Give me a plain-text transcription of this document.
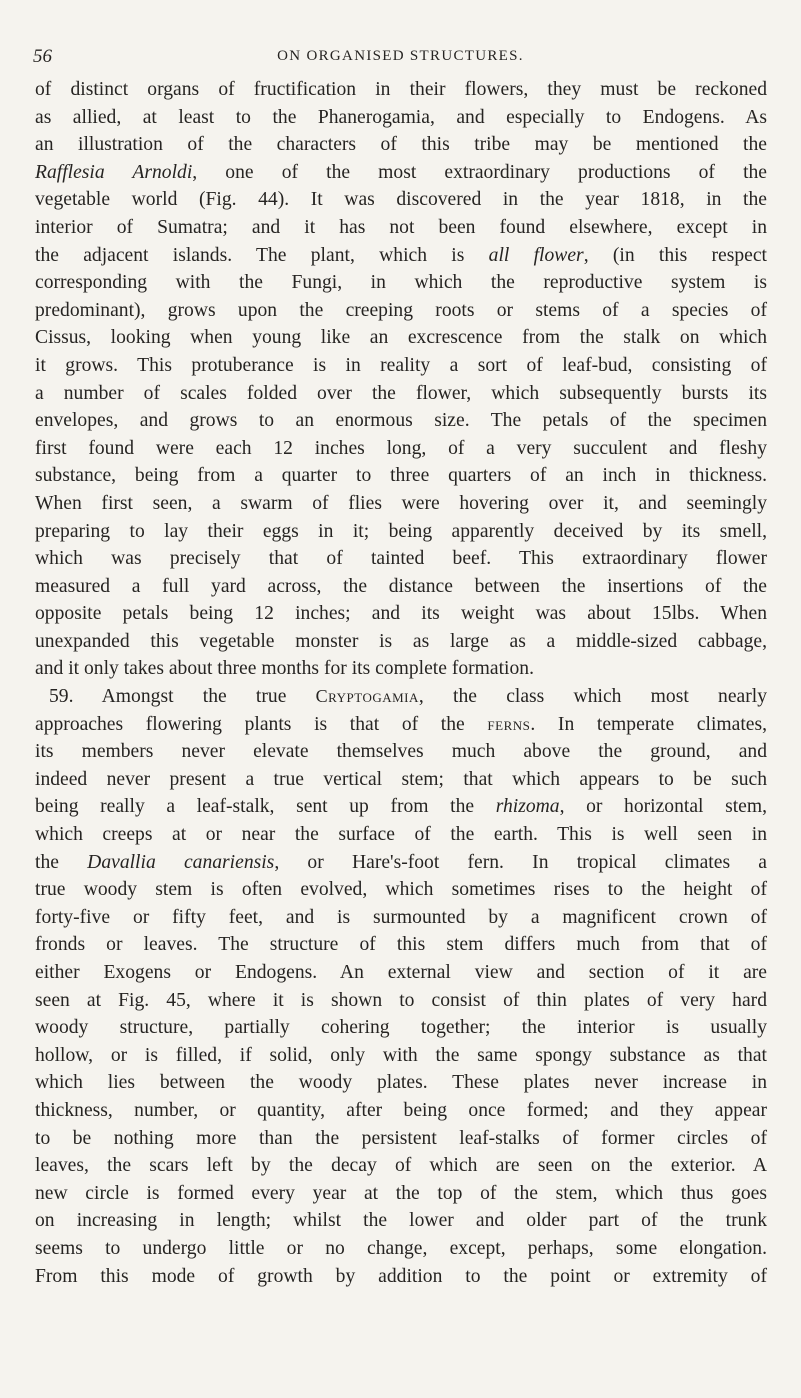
56	ON ORGANISED STRUCTURES.
of distinct organs of fructification in their flowers, they must be reckoned
as allied, at least to the Phanerogamia, and especially to Endogens. As
an illustration of the characters of this tribe may be mentioned the
Rafflesia Arnoldi, one of the most extraordinary productions of the
vegetable world (Fig. 44). It was discovered in the year 1818, in the
interior of Sumatra; and it has not been found elsewhere, except in
the adjacent islands. The plant, which is all flower, (in this respect
corresponding with the Fungi, in which the reproductive system is
predominant), grows upon the creeping roots or stems of a species of
Cissus, looking when young like an excrescence from the stalk on which
it grows. This protuberance is in reality a sort of leaf-bud, consisting of
a number of scales folded over the flower, which subsequently bursts its
envelopes, and grows to an enormous size. The petals of the specimen
first found were each 12 inches long, of a very succulent and fleshy
substance, being from a quarter to three quarters of an inch in thickness.
When first seen, a swarm of flies were hovering over it, and seemingly
preparing to lay their eggs in it; being apparently deceived by its smell,
which was precisely that of tainted beef. This extraordinary flower
measured a full yard across, the distance between the insertions of the
opposite petals being 12 inches; and its weight was about 15lbs. When
unexpanded this vegetable monster is as large as a middle-sized cabbage,
and it only takes about three months for its complete formation.
59. Amongst the true Cryptogamia, the class which most nearly
approaches flowering plants is that of the ferns. In temperate climates,
its members never elevate themselves much above the ground, and
indeed never present a true vertical stem; that which appears to be such
being really a leaf-stalk, sent up from the rhizoma, or horizontal stem,
which creeps at or near the surface of the earth. This is well seen in
the Davallia canariensis, or Hare's-foot fern. In tropical climates a
true woody stem is often evolved, which sometimes rises to the height of
forty-five or fifty feet, and is surmounted by a magnificent crown of
fronds or leaves. The structure of this stem differs much from that of
either Exogens or Endogens. An external view and section of it are
seen at Fig. 45, where it is shown to consist of thin plates of very hard
woody structure, partially cohering together; the interior is usually
hollow, or is filled, if solid, only with the same spongy substance as that
which lies between the woody plates. These plates never increase in
thickness, number, or quantity, after being once formed; and they appear
to be nothing more than the persistent leaf-stalks of former circles of
leaves, the scars left by the decay of which are seen on the exterior. A
new circle is formed every year at the top of the stem, which thus goes
on increasing in length; whilst the lower and older part of the trunk
seems to undergo little or no change, except, perhaps, some elongation.
From this mode of growth by addition to the point or extremity of
